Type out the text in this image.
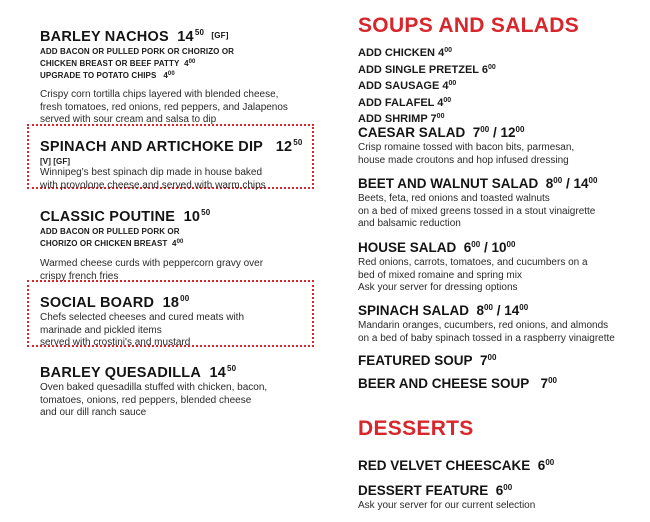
BARLEY NACHOS $14^{50}$ [GF]
ADD BACON OR PULLED PORK OR CHORIZO OR
CHICKEN BREAST OR BEEF PATTY $4^{00}$
UPGRADE TO POTATO CHIPS $4^{00}$
Crispy corn tortilla chips layered with blended cheese,
fresh tomatoes, red onions, red peppers, and Jalapenos
served with sour cream and salsa to dip
SPINACH AND ARTICHOKE DIP $12^{50}$
[V] [GF]
Winnipeg's best spinach dip made in house baked
with provolone cheese and served with warm chips
CLASSIC POUTINE $10^{50}$
ADD BACON OR PULLED PORK OR
CHORIZO OR CHICKEN BREAST $4^{00}$
Warmed cheese curds with peppercorn gravy over
crispy french fries
SOCIAL BOARD $18^{00}$
Chefs selected cheeses and cured meats with
marinade and pickled items
served with crostini's and mustard
BARLEY QUESADILLA $14^{50}$
Oven baked quesadilla stuffed with chicken, bacon,
tomatoes, onions, red peppers, blended cheese
and our dill ranch sauce
SOUPS AND SALADS
ADD CHICKEN $4^{00}$
ADD SINGLE PRETZEL $6^{00}$
ADD SAUSAGE $4^{00}$
ADD FALAFEL $4^{00}$
ADD SHRIMP $7^{00}$
CAESAR SALAD $7^{00} / 12^{00}$
Crisp romaine tossed with bacon bits, parmesan,
house made croutons and hop infused dressing
BEET AND WALNUT SALAD $8^{00} / 14^{00}$
Beets, feta, red onions and toasted walnuts
on a bed of mixed greens tossed in a stout vinaigrette
and balsamic reduction
HOUSE SALAD $6^{00} / 10^{00}$
Red onions, carrots, tomatoes, and cucumbers on a
bed of mixed romaine and spring mix
Ask your server for dressing options
SPINACH SALAD $8^{00} / 14^{00}$
Mandarin oranges, cucumbers, red onions, and almonds
on a bed of baby spinach tossed in a raspberry vinaigrette
FEATURED SOUP $7^{00}$
BEER AND CHEESE SOUP $7^{00}$
DESSERTS
RED VELVET CHEESCAKE $6^{00}$
DESSERT FEATURE $6^{00}$
Ask your server for our current selection
